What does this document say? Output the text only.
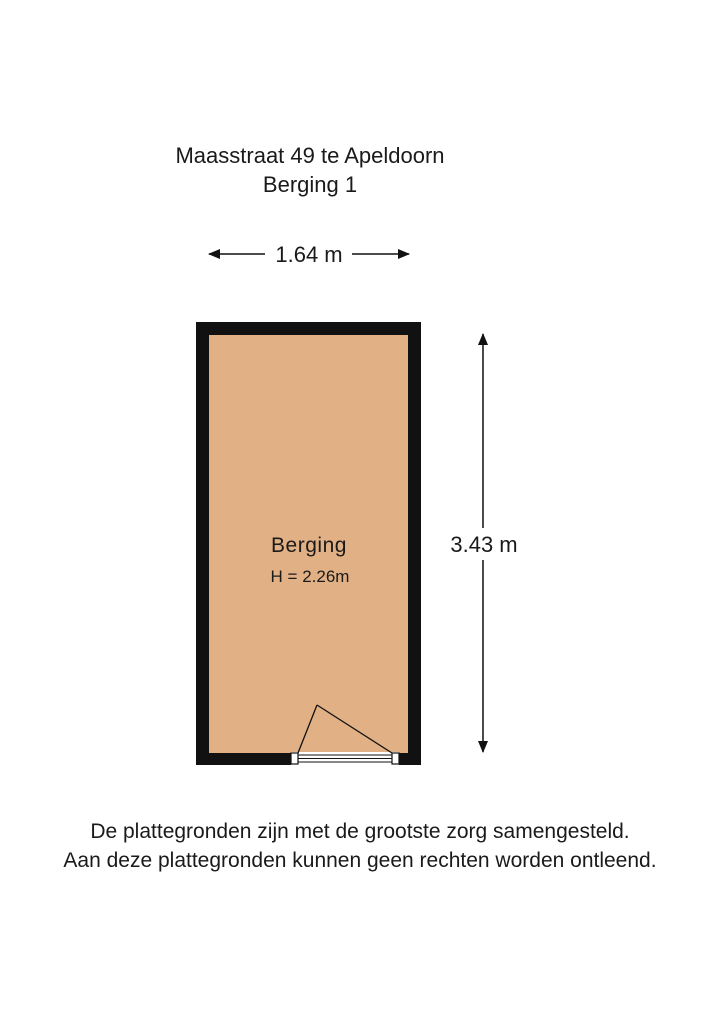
Maasstraat 49 te Apeldoorn
Berging 1
1.64 m
Berging
H = 2.26m
3.43 m
De plattegronden zijn met de grootste zorg samengesteld.
Aan deze plattegronden kunnen geen rechten worden ontleend.
